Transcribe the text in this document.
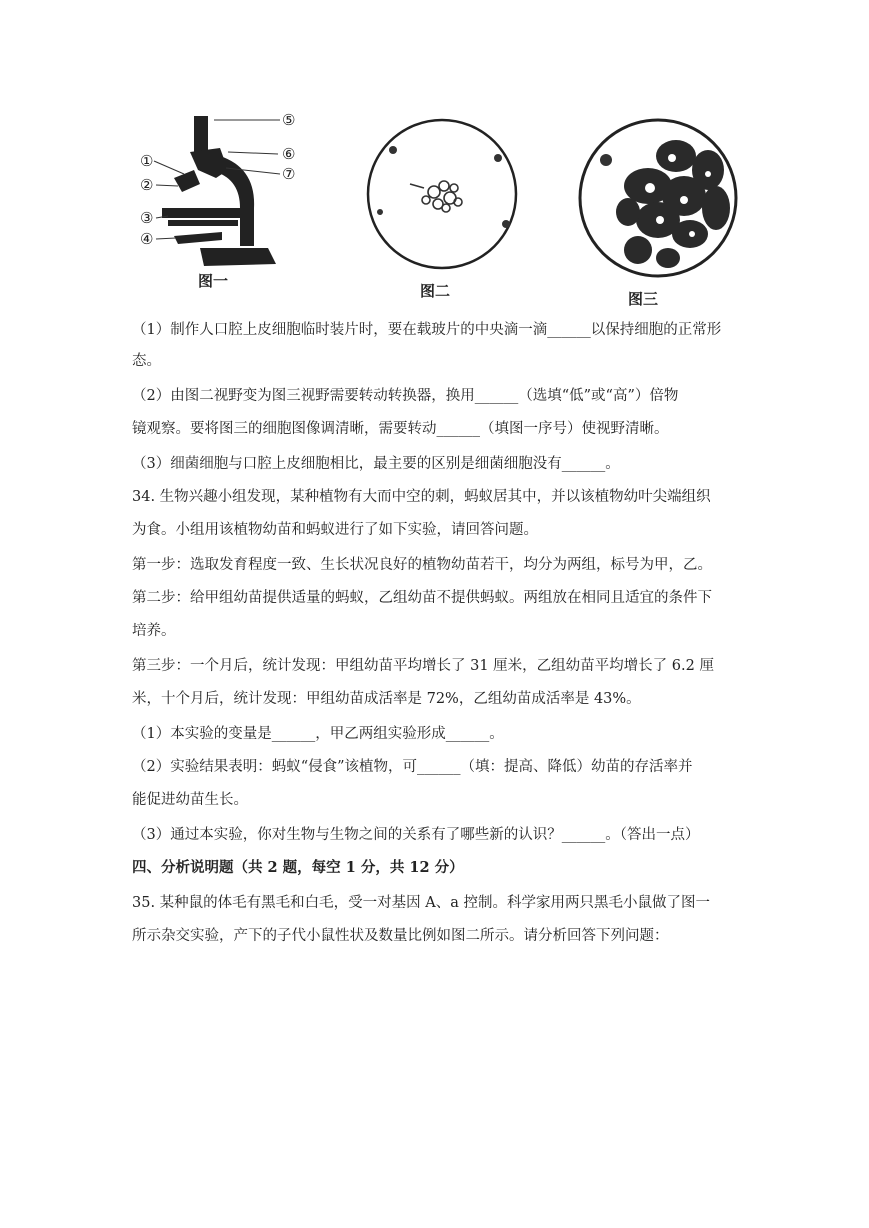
①
②
③
④
⑤
⑥
⑦
图一
图二	图三
（1）制作人口腔上皮细胞临时装片时，要在载玻片的中央滴一滴______以保持细胞的正常形
态。
（2）由图二视野变为图三视野需要转动转换器，换用______（选填“低”或“高”）倍物
镜观察。要将图三的细胞图像调清晰，需要转动______（填图一序号）使视野清晰。
（3）细菌细胞与口腔上皮细胞相比，最主要的区别是细菌细胞没有______。
34. 生物兴趣小组发现，某种植物有大而中空的刺，蚂蚁居其中，并以该植物幼叶尖端组织
为食。小组用该植物幼苗和蚂蚁进行了如下实验，请回答问题。
第一步：选取发育程度一致、生长状况良好的植物幼苗若干，均分为两组，标号为甲，乙。
第二步：给甲组幼苗提供适量的蚂蚁，乙组幼苗不提供蚂蚁。两组放在相同且适宜的条件下
培养。
第三步：一个月后，统计发现：甲组幼苗平均增长了 31 厘米，乙组幼苗平均增长了 6.2 厘
米，十个月后，统计发现：甲组幼苗成活率是 72%，乙组幼苗成活率是 43%。
（1）本实验的变量是______，甲乙两组实验形成______。
（2）实验结果表明：蚂蚁“侵食”该植物，可______（填：提高、降低）幼苗的存活率并
能促进幼苗生长。
（3）通过本实验，你对生物与生物之间的关系有了哪些新的认识？______。（答出一点）
四、分析说明题（共 2 题，每空 1 分，共 12 分）
35. 某种鼠的体毛有黑毛和白毛，受一对基因 A、a 控制。科学家用两只黑毛小鼠做了图一
所示杂交实验，产下的子代小鼠性状及数量比例如图二所示。请分析回答下列问题：
